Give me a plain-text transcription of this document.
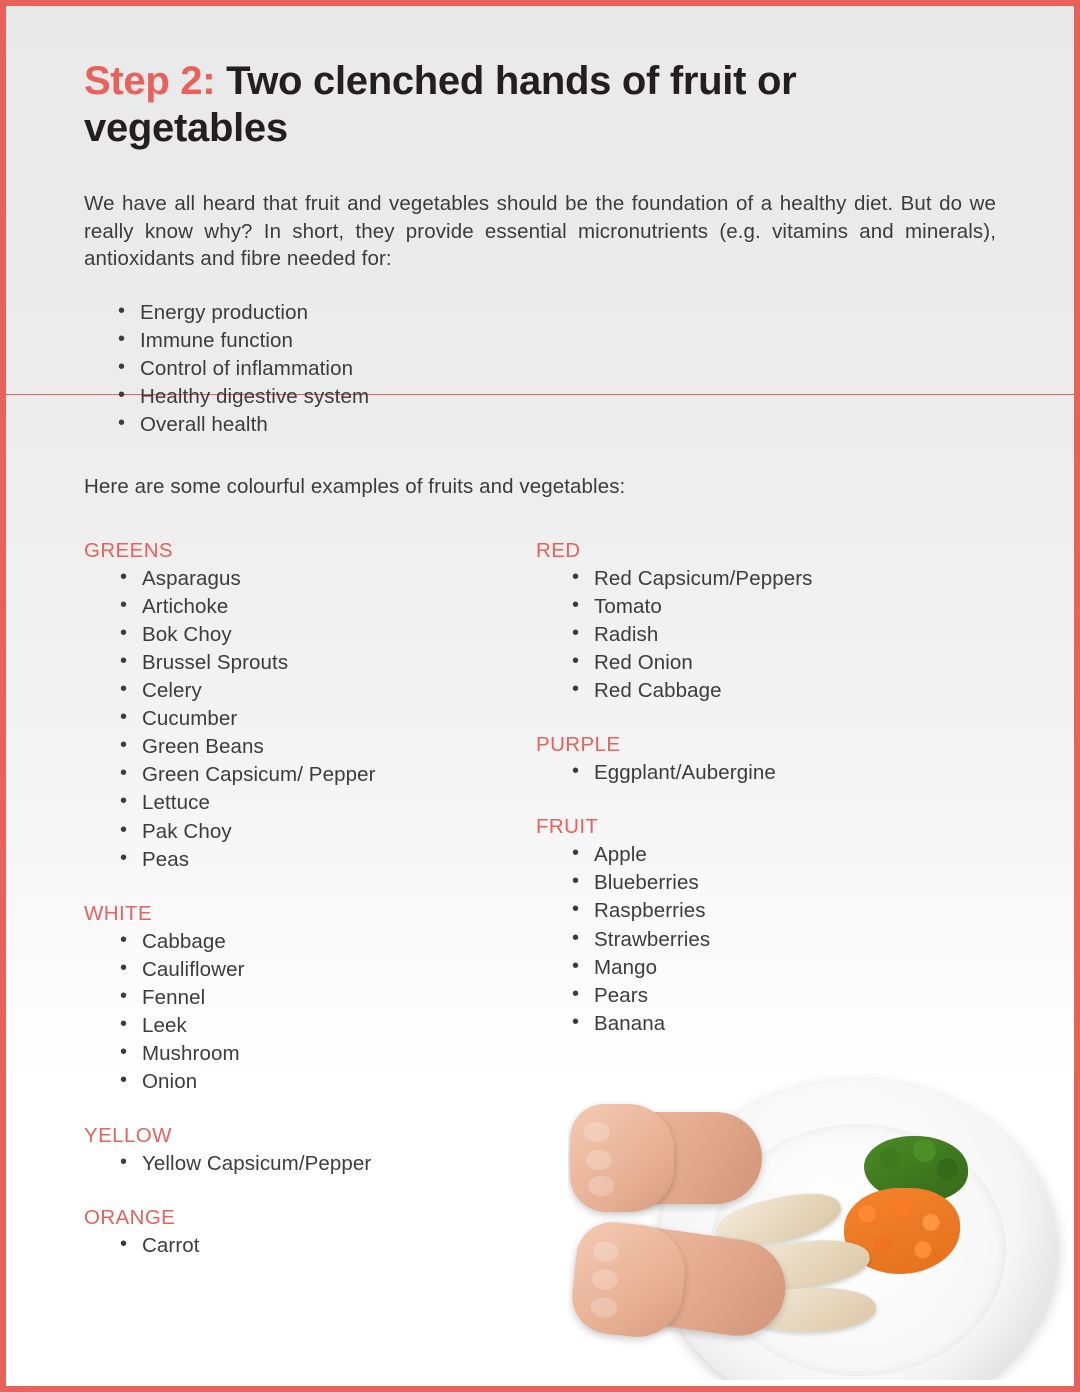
Step 2: Two clenched hands of fruit or vegetables

We have all heard that fruit and vegetables should be the foundation of a healthy diet. But do we really know why? In short, they provide essential micronutrients (e.g. vitamins and minerals), antioxidants and fibre needed for:

• Energy production
• Immune function
• Control of inflammation
• Healthy digestive system
• Overall health

Here are some colourful examples of fruits and vegetables:

GREENS
• Asparagus
• Artichoke
• Bok Choy
• Brussel Sprouts
• Celery
• Cucumber
• Green Beans
• Green Capsicum/ Pepper
• Lettuce
• Pak Choy
• Peas
WHITE
• Cabbage
• Cauliflower
• Fennel
• Leek
• Mushroom
• Onion
YELLOW
• Yellow Capsicum/Pepper
ORANGE
• Carrot
RED
• Red Capsicum/Peppers
• Tomato
• Radish
• Red Onion
• Red Cabbage
PURPLE
• Eggplant/Aubergine
FRUIT
• Apple
• Blueberries
• Raspberries
• Strawberries
• Mango
• Pears
• Banana
